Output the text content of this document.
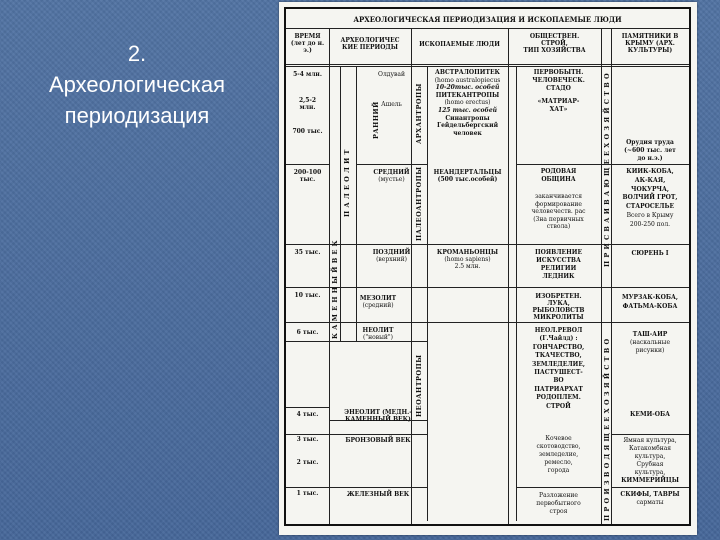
2.
Археологическая
периодизация
АРХЕОЛОГИЧЕСКАЯ ПЕРИОДИЗАЦИЯ И ИСКОПАЕМЫЕ ЛЮДИ
ВРЕМЯ
(лет до н.
э.)
АРХЕОЛОГИЧЕС
КИЕ ПЕРИОДЫ	ИСКОПАЕМЫЕ ЛЮДИ
ОБЩЕСТВЕН.
СТРОЙ,
ТИП ХОЗЯЙСТВА
ПАМЯТНИКИ В
КРЫМУ (АРХ.
КУЛЬТУРЫ)
5-4 млн.
2,5-2
млн.
700 тыс.
200-100
тыс.
35 тыс.
10 тыс.
6 тыс.
4 тыс.
3 тыс.
2 тыс.
1 тыс.
К А М Е Н Н Ы Й В Е К
П А Л Е О Л И Т
Олдувай
Ашель
РАННИЙ
СРЕДНИЙ
(мустье)
ПОЗДНИЙ
(верхний)
МЕЗОЛИТ
(средний)
НЕОЛИТ
("новый")
ЭНЕОЛИТ (МЕДН.-
КАМЕННЫЙ ВЕК)
БРОНЗОВЫЙ ВЕК
ЖЕЛЕЗНЫЙ ВЕК
АРХАНТРОПЫ
ПАЛЕОАНТРОПЫ
НЕОАНТРОПЫ
АВСТРАЛОПИТЕК
(homo australopiecus
10-20тыс. особей
ПИТЕКАНТРОПЫ
(homo erectus)
125 тыс. особей
Синантропы
Гейдельбергский
человек
НЕАНДЕРТАЛЬЦЫ
(500 тыс.особей)
КРОМАНЬОНЦЫ
(homo sapiens)
2.5 млн.
ПЕРВОБЫТН.
ЧЕЛОВЕЧЕСК.
СТАДО
«МАТРИАР-
ХАТ»
РОДОВАЯ
ОБЩИНА
заканчивается
формирование
человечеств. рас
(3на первичных
стволa)
ПОЯВЛЕНИЕ
ИСКУССТВА
РЕЛИГИИ
ЛЕДНИК
ИЗОБРЕТЕН.
ЛУКА,
РЫБОЛОВСТВ
МИКРОЛИТЫ
НЕОЛ.РЕВОЛ
(Г.Чайлд) :
ГОНЧАРСТВО,
ТКАЧЕСТВО,
ЗЕМЛЕДЕЛИЕ,
ПАСТУШЕСТ-
ВО
ПАТРИАРХАТ
РОДОПЛЕМ.
СТРОЙ
Кочевое
скотоводство,
земледелие,
ремесло,
города
Разложение
первобытного
строя
П Р И С В А И В А Ю Щ Е Е Х О З Я Й С Т В О
П Р О И З В О Д Я Щ Е Е Х О З Я Й С Т В О
Орудия труда
(~600 тыс. лет
до н.э.)
КИИК-КОБА,
АК-КАЯ,
ЧОКУРЧА,
ВОЛЧИЙ ГРОТ,
СТАРОСЕЛЬЕ
Всего в Крыму
200-250 пол.
СЮРЕНЬ I
МУРЗАК-КОБА,
ФАТЬМА-КОБА
ТАШ-АИР
(наскальные
рисунки)
КЕМИ-ОБА
Ямная культура,
Катакомбная
культура,
Срубная
культура,
КИММЕРИЙЦЫ
СКИФЫ, ТАВРЫ
сарматы
